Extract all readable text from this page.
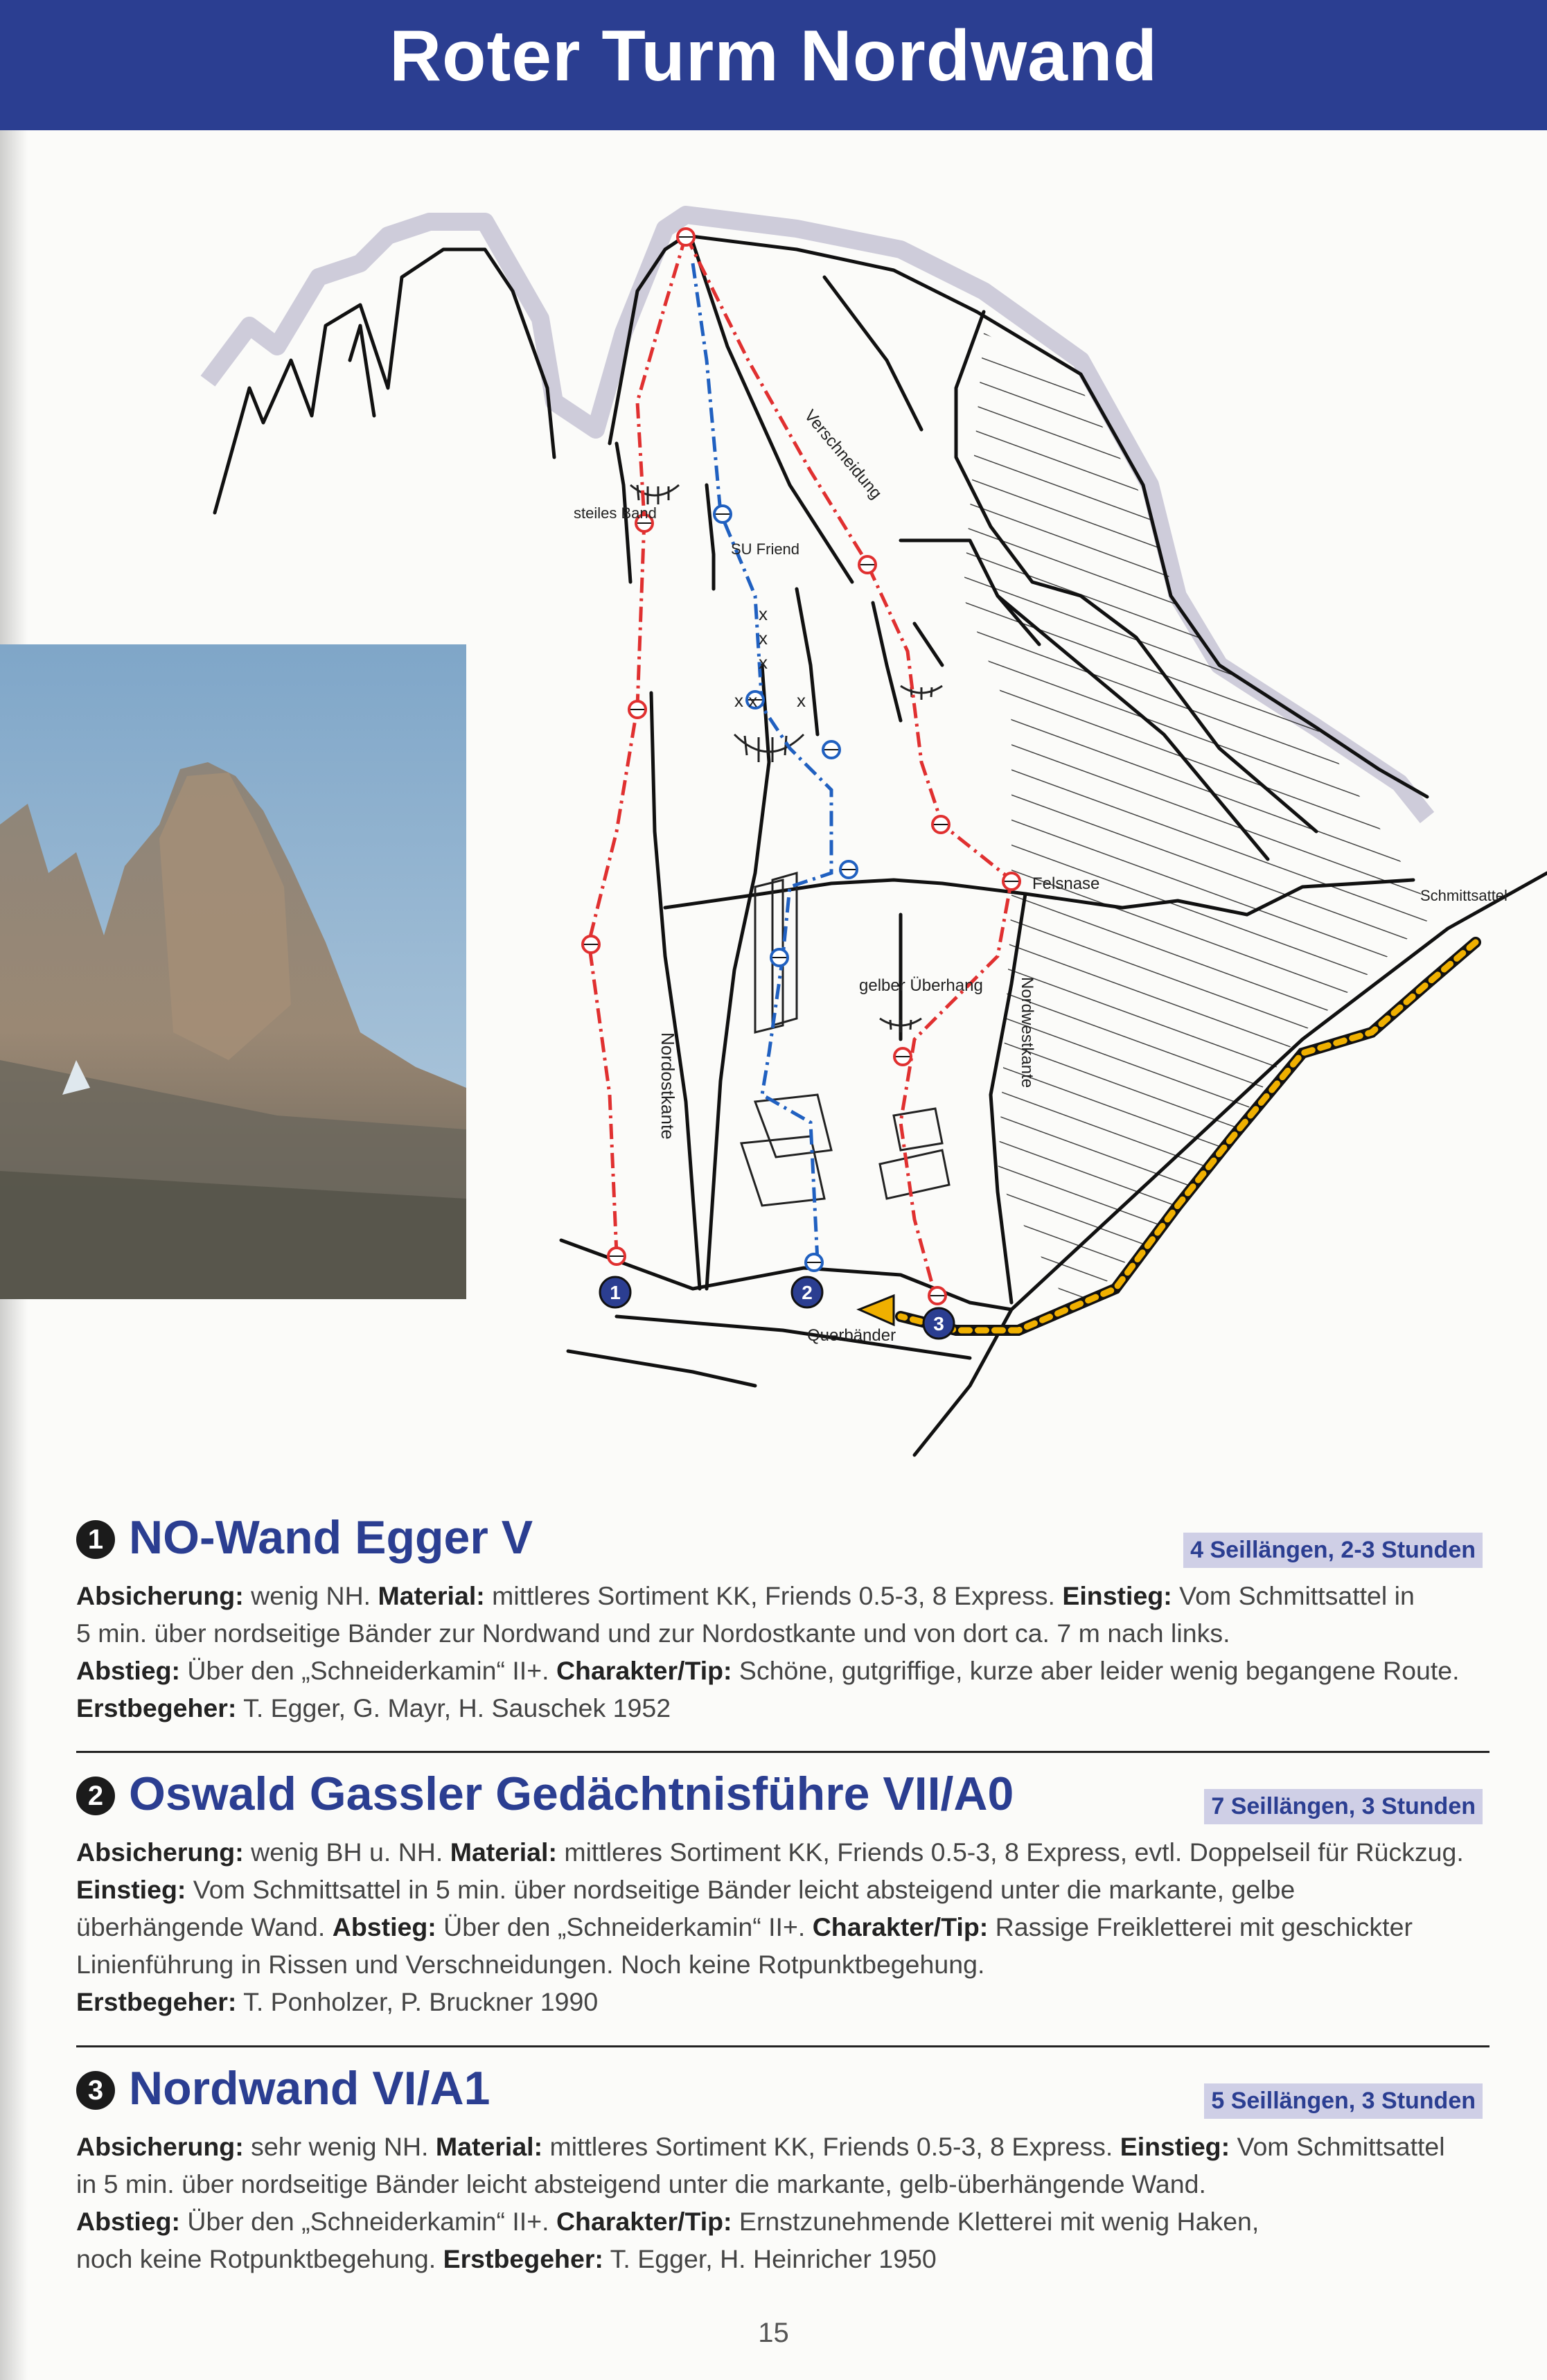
Roter Turm Nordwand
x
x
x
x x x
steiles Band
SU Friend
Verschneidung
Felsnase
Schmittsattel
gelber Überhang
Nordostkante	Nordwestkante
Querbänder
1	2
3
1 NO-Wand Egger V	4 Seillängen, 2-3 Stunden
Absicherung: wenig NH. Material: mittleres Sortiment KK, Friends 0.5-3, 8 Express. Einstieg: Vom Schmittsattel in
5 min. über nordseitige Bänder zur Nordwand und zur Nordostkante und von dort ca. 7 m nach links.
Abstieg: Über den „Schneiderkamin“ II+. Charakter/Tip: Schöne, gutgriffige, kurze aber leider wenig begangene Route.
Erstbegeher: T. Egger, G. Mayr, H. Sauschek 1952
2 Oswald Gassler Gedächtnisführe VII/A0	7 Seillängen, 3 Stunden
Absicherung: wenig BH u. NH. Material: mittleres Sortiment KK, Friends 0.5-3, 8 Express, evtl. Doppelseil für Rückzug.
Einstieg: Vom Schmittsattel in 5 min. über nordseitige Bänder leicht absteigend unter die markante, gelbe
überhängende Wand. Abstieg: Über den „Schneiderkamin“ II+. Charakter/Tip: Rassige Freikletterei mit geschickter
Linienführung in Rissen und Verschneidungen. Noch keine Rotpunktbegehung.
Erstbegeher: T. Ponholzer, P. Bruckner 1990
3 Nordwand VI/A1	5 Seillängen, 3 Stunden
Absicherung: sehr wenig NH. Material: mittleres Sortiment KK, Friends 0.5-3, 8 Express. Einstieg: Vom Schmittsattel
in 5 min. über nordseitige Bänder leicht absteigend unter die markante, gelb-überhängende Wand.
Abstieg: Über den „Schneiderkamin“ II+. Charakter/Tip: Ernstzunehmende Kletterei mit wenig Haken,
noch keine Rotpunktbegehung. Erstbegeher: T. Egger, H. Heinricher 1950
15
